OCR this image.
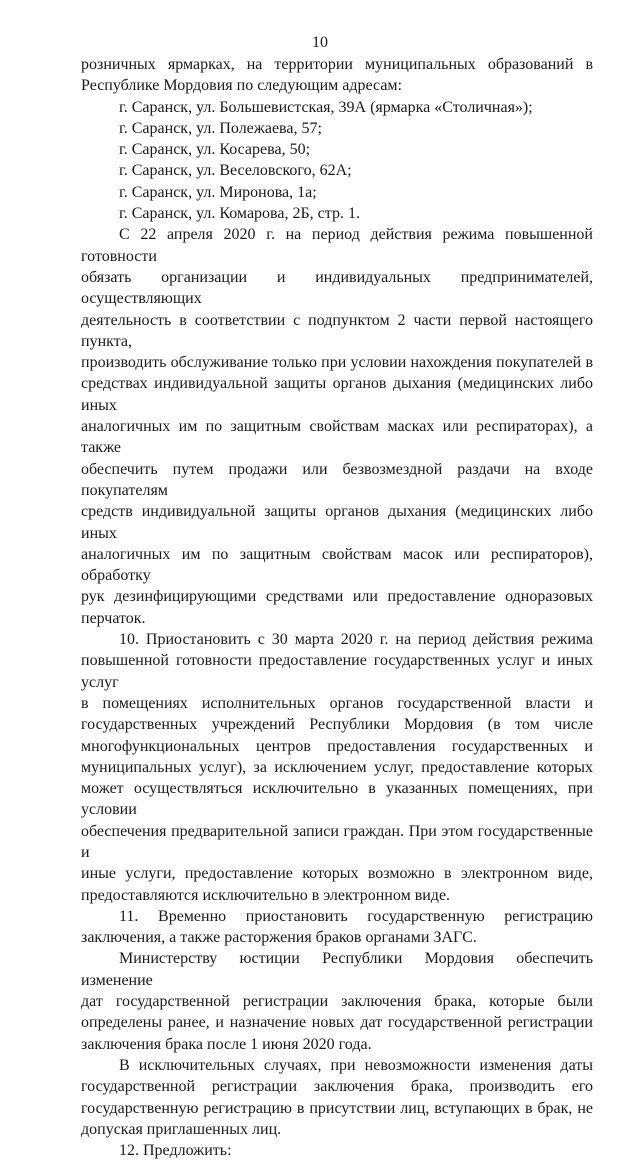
10

розничных ярмарках, на территории муниципальных образований в

Республике Мордовия по следующим адресам:

г. Саранск, ул. Большевистская, 39А (ярмарка «Столичная»);

г. Саранск, ул. Полежаева, 57;

г. Саранск, ул. Косарева, 50;

г. Саранск, ул. Веселовского, 62А;

г. Саранск, ул. Миронова, 1а;

г. Саранск, ул. Комарова, 2Б, стр. 1.

С 22 апреля 2020 г. на период действия режима повышенной готовности

обязать организации и индивидуальных предпринимателей, осуществляющих

деятельность в соответствии с подпунктом 2 части первой настоящего пункта,

производить обслуживание только при условии нахождения покупателей в

средствах индивидуальной защиты органов дыхания (медицинских либо иных

аналогичных им по защитным свойствам масках или респираторах), а также

обеспечить путем продажи или безвозмездной раздачи на входе покупателям

средств индивидуальной защиты органов дыхания (медицинских либо иных

аналогичных им по защитным свойствам масок или респираторов), обработку

рук дезинфицирующими средствами или предоставление одноразовых

перчаток.

10. Приостановить с 30 марта 2020 г. на период действия режима

повышенной готовности предоставление государственных услуг и иных услуг

в помещениях исполнительных органов государственной власти и

государственных учреждений Республики Мордовия (в том числе

многофункциональных центров предоставления государственных и

муниципальных услуг), за исключением услуг, предоставление которых

может осуществляться исключительно в указанных помещениях, при условии

обеспечения предварительной записи граждан. При этом государственные и

иные услуги, предоставление которых возможно в электронном виде,

предоставляются исключительно в электронном виде.

11. Временно приостановить государственную регистрацию

заключения, а также расторжения браков органами ЗАГС.

Министерству юстиции Республики Мордовия обеспечить изменение

дат государственной регистрации заключения брака, которые были

определены ранее, и назначение новых дат государственной регистрации

заключения брака после 1 июня 2020 года.

В исключительных случаях, при невозможности изменения даты

государственной регистрации заключения брака, производить его

государственную регистрацию в присутствии лиц, вступающих в брак, не

допуская приглашенных лиц.

12. Предложить:
